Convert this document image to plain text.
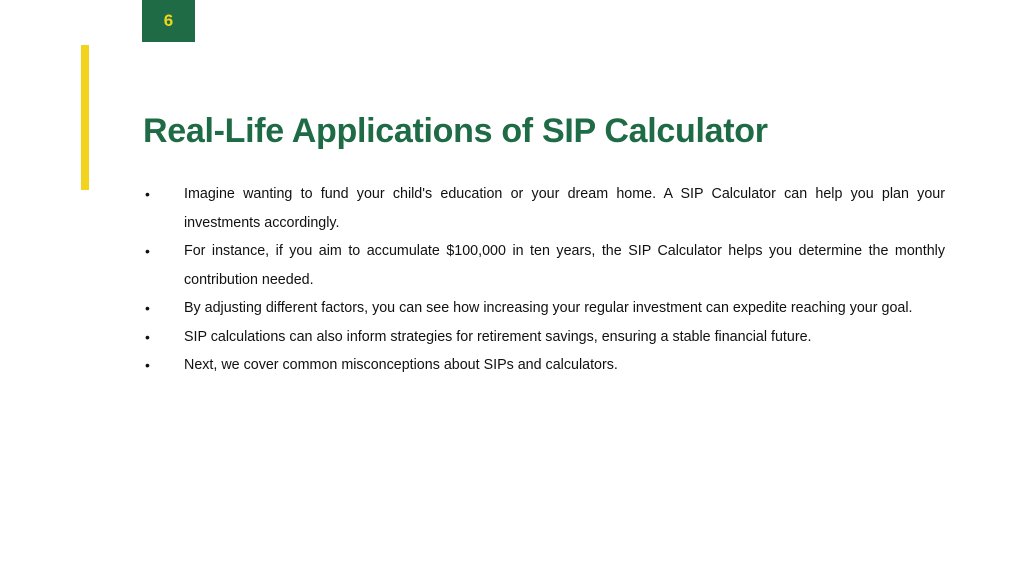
6
Real-Life Applications of SIP Calculator
• Imagine wanting to fund your child's education or your dream home. A SIP Calculator can help you plan your investments accordingly.
• For instance, if you aim to accumulate $100,000 in ten years, the SIP Calculator helps you determine the monthly contribution needed.
• By adjusting different factors, you can see how increasing your regular investment can expedite reaching your goal.
• SIP calculations can also inform strategies for retirement savings, ensuring a stable financial future.
• Next, we cover common misconceptions about SIPs and calculators.
